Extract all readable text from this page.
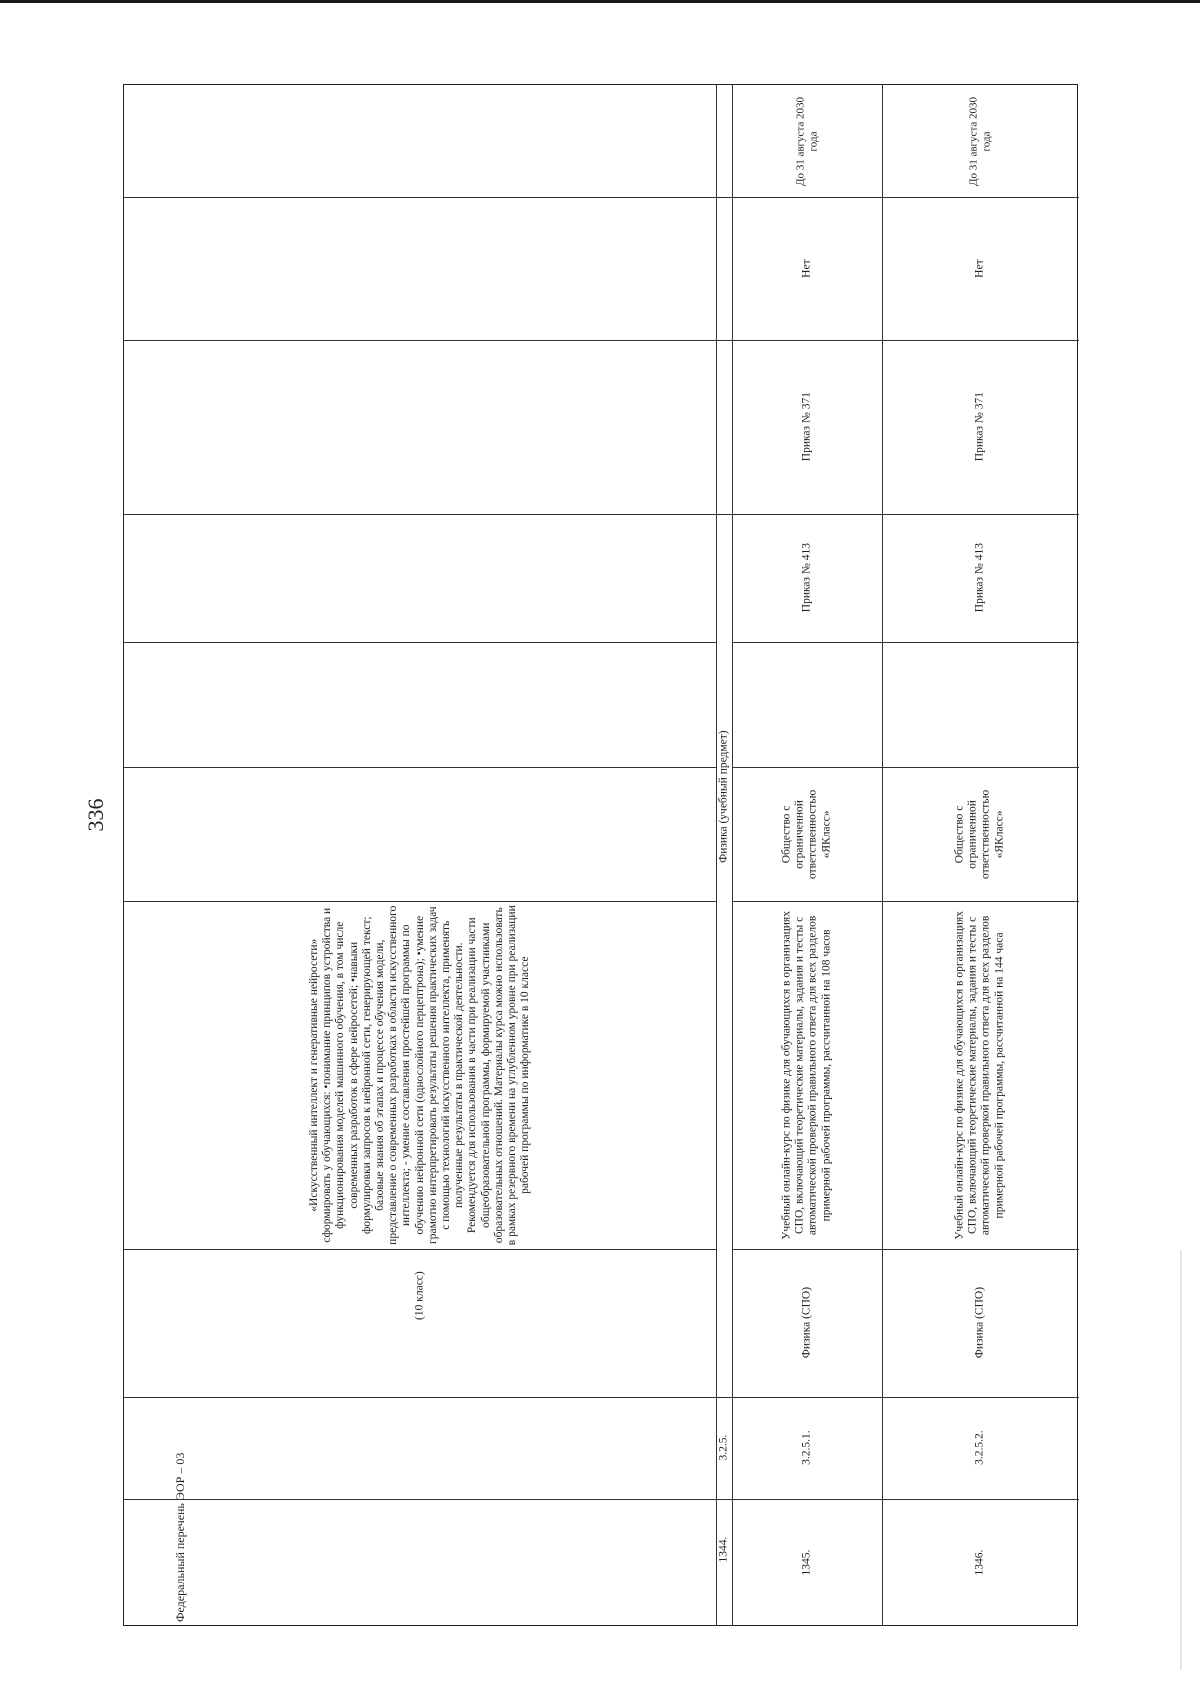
336
(10 класс)
«Искусственный интеллект и генеративные нейросети» сформировать у обучающихся: •понимание принципов устройства и функционирования моделей машинного обучения, в том числе современных разработок в сфере нейросетей; •навыки формулировки запросов к нейронной сети, генерирующей текст; базовые знания об этапах и процессе обучения модели, представление о современных разработках в области искусственного интеллекта; - умение составления простейшей программы по обучению нейронной сети (однослойного перцептрона); •умение грамотно интерпретировать результаты решения практических задач с помощью технологий искусственного интеллекта, применять полученные результаты в практической деятельности. Рекомендуется для использования в части при реализации части общеобразовательной программы, формируемой участниками образовательных отношений. Материалы курса можно использовать в рамках резервного времени на углубленном уровне при реализации рабочей программы по информатике в 10 классе
1344.
3.2.5.
Физика (учебный предмет)
1345.
3.2.5.1.
Физика (СПО)
Учебный онлайн-курс по физике для обучающихся в организациях СПО, включающий теоретические материалы, задания и тесты с автоматической проверкой правильного ответа для всех разделов примерной рабочей программы, рассчитанной на 108 часов
Общество с ограниченной ответственностью «ЯКласс»
Приказ № 413
Приказ № 371
Нет
До 31 августа 2030 года
1346.
3.2.5.2.
Физика (СПО)
Учебный онлайн-курс по физике для обучающихся в организациях СПО, включающий теоретические материалы, задания и тесты с автоматической проверкой правильного ответа для всех разделов примерной рабочей программы, рассчитанной на 144 часа
Общество с ограниченной ответственностью «ЯКласс»
Приказ № 413
Приказ № 371
Нет
До 31 августа 2030 года
Федеральный перечень ЭОР – 03
